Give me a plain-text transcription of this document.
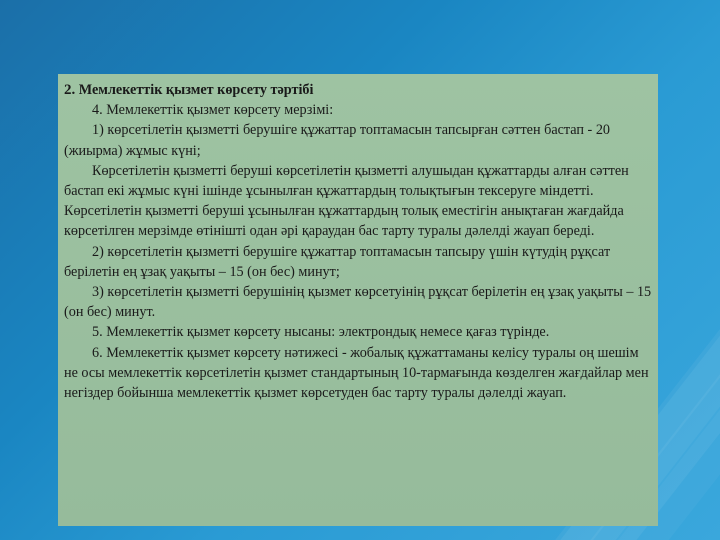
2. Мемлекеттік қызмет көрсету тәртібі

4. Мемлекеттік қызмет көрсету мерзімі:

1) көрсетілетін қызметті берушіге құжаттар топтамасын тапсырған сәттен бастап - 20 (жиырма) жұмыс күні;

Көрсетілетін қызметті беруші көрсетілетін қызметті алушыдан құжаттарды алған сәттен бастап екі жұмыс күні ішінде ұсынылған құжаттардың толықтығын тексеруге міндетті. Көрсетілетін қызметті беруші ұсынылған құжаттардың толық еместігін анықтаған жағдайда көрсетілген мерзімде өтінішті одан әрі қараудан бас тарту туралы дәлелді жауап береді.

2) көрсетілетін қызметті берушіге құжаттар топтамасын тапсыру үшін күтудің рұқсат берілетін ең ұзақ уақыты – 15 (он бес) минут;

3) көрсетілетін қызметті берушінің қызмет көрсетуінің рұқсат берілетін ең ұзақ уақыты – 15 (он бес) минут.

5. Мемлекеттік қызмет көрсету нысаны: электрондық немесе қағаз түрінде.

6. Мемлекеттік қызмет көрсету нәтижесі - жобалық құжаттаманы келісу туралы оң шешім не осы мемлекеттік көрсетілетін қызмет стандартының 10-тармағында көзделген жағдайлар мен негіздер бойынша мемлекеттік қызмет көрсетуден бас тарту туралы дәлелді жауап.
